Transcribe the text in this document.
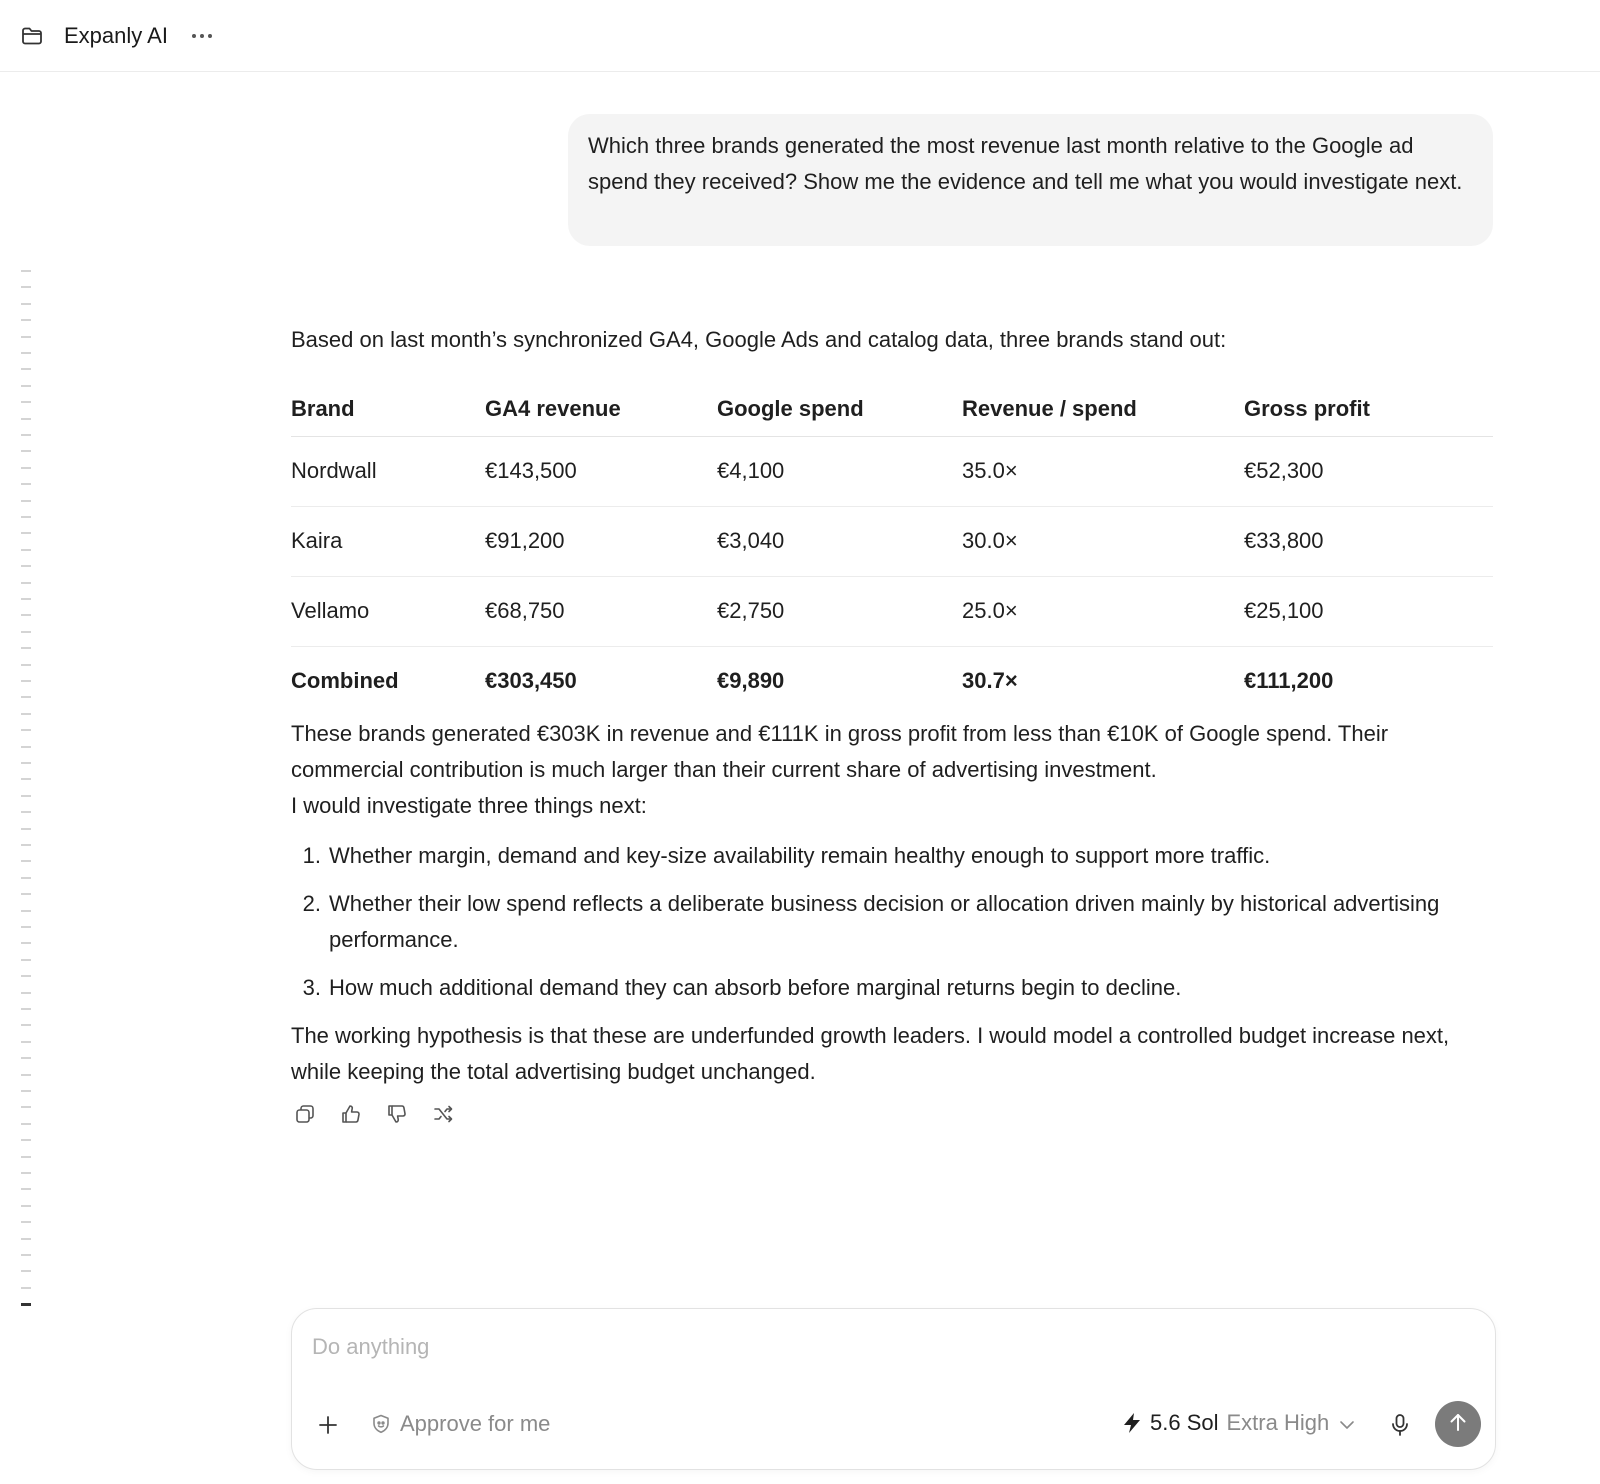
Expanly AI
Which three brands generated the most revenue last month relative to the Google ad spend they received? Show me the evidence and tell me what you would investigate next.

Based on last month’s synchronized GA4, Google Ads and catalog data, three brands stand out:

Brand	GA4 revenue	Google spend	Revenue / spend	Gross profit
Nordwall	€143,500	€4,100	35.0×	€52,300
Kaira	€91,200	€3,040	30.0×	€33,800
Vellamo	€68,750	€2,750	25.0×	€25,100
Combined	€303,450	€9,890	30.7×	€111,200

These brands generated €303K in revenue and €111K in gross profit from less than €10K of Google spend. Their commercial contribution is much larger than their current share of advertising investment.

I would investigate three things next:

1. Whether margin, demand and key-size availability remain healthy enough to support more traffic.
2. Whether their low spend reflects a deliberate business decision or allocation driven mainly by historical advertising performance.
3. How much additional demand they can absorb before marginal returns begin to decline.

The working hypothesis is that these are underfunded growth leaders. I would model a controlled budget increase next, while keeping the total advertising budget unchanged.

Do anything
Approve for me	5.6 Sol Extra High
